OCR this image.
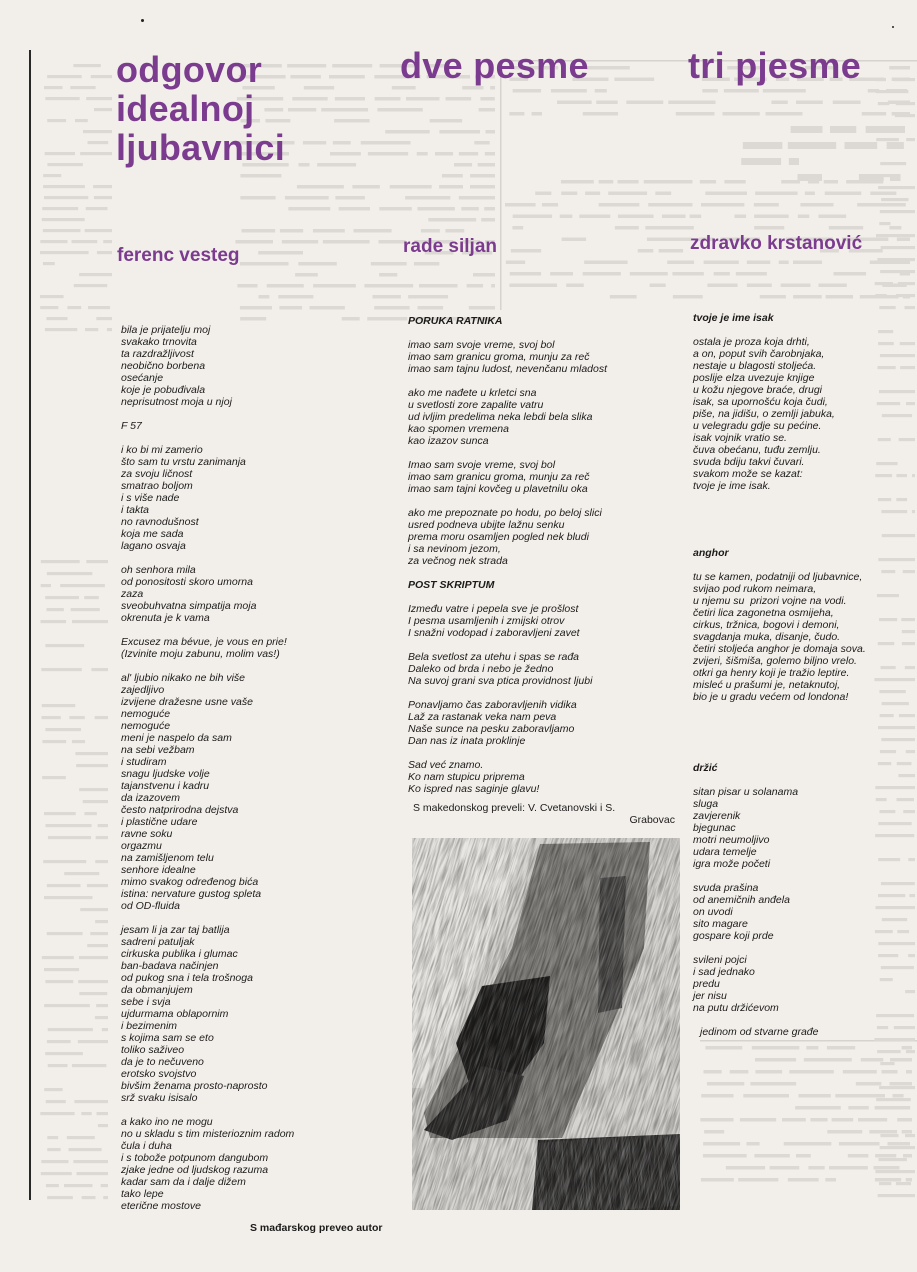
odgovor
idealnoj
ljubavnici
ferenc vesteg

bila je prijatelju moj
svakako trnovita
ta razdražljivost
neobično borbena
osećanje
koje je pobuđivala
neprisutnost moja u njoj

F 57

i ko bi mi zamerio
što sam tu vrstu zanimanja
za svoju ličnost
smatrao boljom
i s više nade
i takta
no ravnodušnost
koja me sada
lagano osvaja

oh senhora mila
od ponositosti skoro umorna
zaza
sveobuhvatna simpatija moja
okrenuta je k vama

Excusez ma bévue, je vous en prie!
(Izvinite moju zabunu, molim vas!)

al' ljubio nikako ne bih više
zajedljivo
izvijene dražesne usne vaše
nemoguće
nemoguće
meni je naspelo da sam
na sebi vežbam
i studiram
snagu ljudske volje
tajanstvenu i kadru
da izazovem
često natprirodna dejstva
i plastične udare
ravne soku
orgazmu
na zamišljenom telu
senhore idealne
mimo svakog određenog bića
istina: nervature gustog spleta
od OD-fluida

jesam li ja zar taj batlija
sadreni patuljak
cirkuska publika i glumac
ban-badava načinjen
od pukog sna i tela trošnoga
da obmanjujem
sebe i svja
ujdurmama oblapornim
i bezimenim
s kojima sam se eto
toliko saživeo
da je to nečuveno
erotsko svojstvo
bivšim ženama prosto-naprosto
srž svaku isisalo

a kako ino ne mogu
no u skladu s tim misterioznim radom
čula i duha
i s tobože potpunom dangubom
zjake jedne od ljudskog razuma
kadar sam da i dalje dižem
tako lepe
eterične mostove

S mađarskog preveo autor
dve pesme
rade siljan

PORUKA RATNIKA

imao sam svoje vreme, svoj bol
imao sam granicu groma, munju za reč
imao sam tajnu ludost, nevenčanu mladost

ako me nađete u krletci sna
u svetlosti zore zapalite vatru
ud ivljim predelima neka lebdi bela slika
kao spomen vremena
kao izazov sunca

Imao sam svoje vreme, svoj bol
imao sam granicu groma, munju za reč
imao sam tajni kovčeg u plavetnilu oka

ako me prepoznate po hodu, po beloj slici
usred podneva ubijte lažnu senku
prema moru osamljen pogled nek bludi
i sa nevinom jezom,
za večnog nek strada

POST SKRIPTUM

Između vatre i pepela sve je prošlost
I pesma usamljenih i zmijski otrov
I snažni vodopad i zaboravljeni zavet

Bela svetlost za utehu i spas se rađa
Daleko od brda i nebo je žedno
Na suvoj grani sva ptica providnost ljubi

Ponavljamo čas zaboravljenih vidika
Laž za rastanak veka nam peva
Naše sunce na pesku zaboravljamo
Dan nas iz inata proklinje

Sad već znamo.
Ko nam stupicu priprema
Ko ispred nas saginje glavu!

S makedonskog preveli: V. Cvetanovski i S.
Grabovac
tri pjesme
zdravko krstanović

tvoje je ime isak

ostala je proza koja drhti,
a on, poput svih čarobnjaka,
nestaje u blagosti stoljeća.
poslije elza uvezuje knjige
u kožu njegove braće, drugi
isak, sa upornošću koja čudi,
piše, na jidišu, o zemlji jabuka,
u velegradu gdje su pećine.
isak vojnik vratio se.
čuva obećanu, tuđu zemlju.
svuda bdiju takvi čuvari.
svakom može se kazat:
tvoje je ime isak.

anghor

tu se kamen, podatniji od ljubavnice,
svijao pod rukom neimara,
u njemu su  prizori vojne na vodi.
četiri lica zagonetna osmijeha,
cirkus, tržnica, bogovi i demoni,
svagdanja muka, disanje, čudo.
četiri stoljeća anghor je domaja sova.
zvijeri, šišmiša, golemo biljno vrelo.
otkri ga henry koji je tražio leptire.
misleć u prašumi je, netaknutoj,
bio je u gradu većem od londona!

držić

sitan pisar u solanama
sluga
zavjerenik
bjegunac
motri neumoljivo
udara temelje
igra može početi

svuda prašina
od anemičnih anđela
on uvodi
sito magare
gospare koji prde

svileni pojci
i sad jednako
predu
jer nisu
na putu držićevom

jedinom od stvarne građe
